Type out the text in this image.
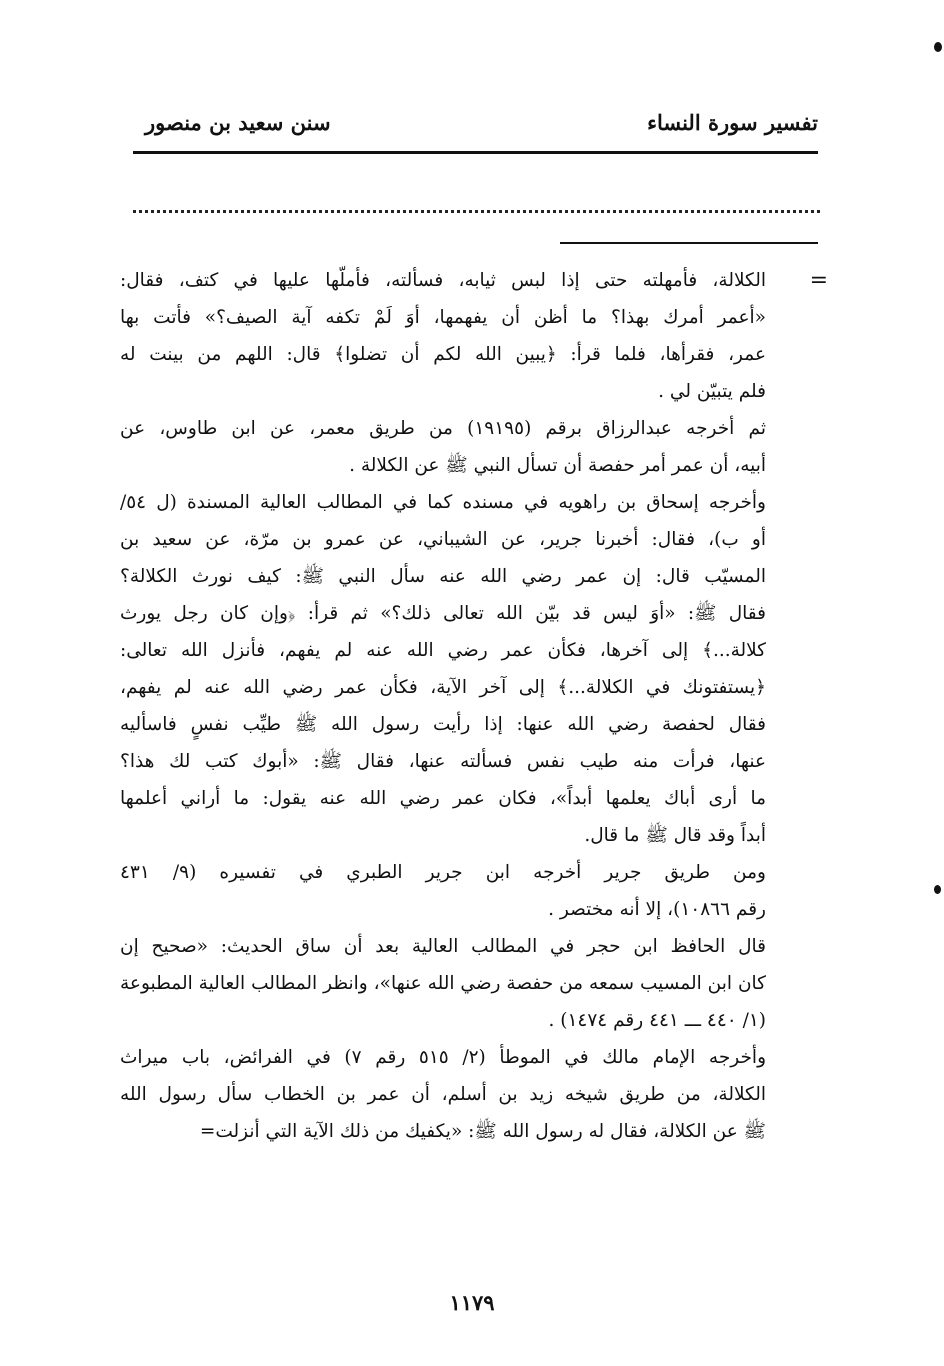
تفسير سورة النساء
سنن سعيد بن منصور
=
الكلالة، فأمهلته حتى إذا لبس ثيابه، فسألته، فأملّها عليها في كتف، فقال:
«أعمر أمرك بهذا؟ ما أظن أن يفهمها، أوَ لَمْ تكفه آية الصيف؟» فأتت بها
عمر، فقرأها، فلما قرأ: ﴿يبين الله لكم أن تضلوا﴾ قال: اللهم من بينت له
فلم يتبيّن لي .
ثم أخرجه عبدالرزاق برقم (١٩١٩٥) من طريق معمر، عن ابن طاوس، عن
أبيه، أن عمر أمر حفصة أن تسأل النبي ﷺ عن الكلالة .
وأخرجه إسحاق بن راهويه في مسنده كما في المطالب العالية المسندة (ل ٥٤/
أو ب)، فقال: أخبرنا جرير، عن الشيباني، عن عمرو بن مرّة، عن سعيد بن
المسيّب قال: إن عمر رضي الله عنه سأل النبي ﷺ: كيف نورث الكلالة؟
فقال ﷺ: «أوَ ليس قد بيّن الله تعالى ذلك؟» ثم قرأ: ﴿وإن كان رجل يورث
كلالة...﴾ إلى آخرها، فكأن عمر رضي الله عنه لم يفهم، فأنزل الله تعالى:
﴿يستفتونك في الكلالة...﴾ إلى آخر الآية، فكأن عمر رضي الله عنه لم يفهم،
فقال لحفصة رضي الله عنها: إذا رأيت رسول الله ﷺ طيِّب نفسٍ فاسأليه
عنها، فرأت منه طيب نفس فسألته عنها، فقال ﷺ: «أبوك كتب لك هذا؟
ما أرى أباك يعلمها أبداً»، فكان عمر رضي الله عنه يقول: ما أراني أعلمها
أبداً وقد قال ﷺ ما قال.
ومن طريق جرير أخرجه ابن جرير الطبري في تفسيره (٩/ ٤٣١
رقم ١٠٨٦٦)، إلا أنه مختصر .
قال الحافظ ابن حجر في المطالب العالية بعد أن ساق الحديث: «صحيح إن
كان ابن المسيب سمعه من حفصة رضي الله عنها»، وانظر المطالب العالية المطبوعة
(١/ ٤٤٠ ـــ ٤٤١ رقم ١٤٧٤) .
وأخرجه الإمام مالك في الموطأ (٢/ ٥١٥ رقم ٧) في الفرائض، باب ميراث
الكلالة، من طريق شيخه زيد بن أسلم، أن عمر بن الخطاب سأل رسول الله
ﷺ عن الكلالة، فقال له رسول الله ﷺ: «يكفيك من ذلك الآية التي أنزلت=
١١٧٩
